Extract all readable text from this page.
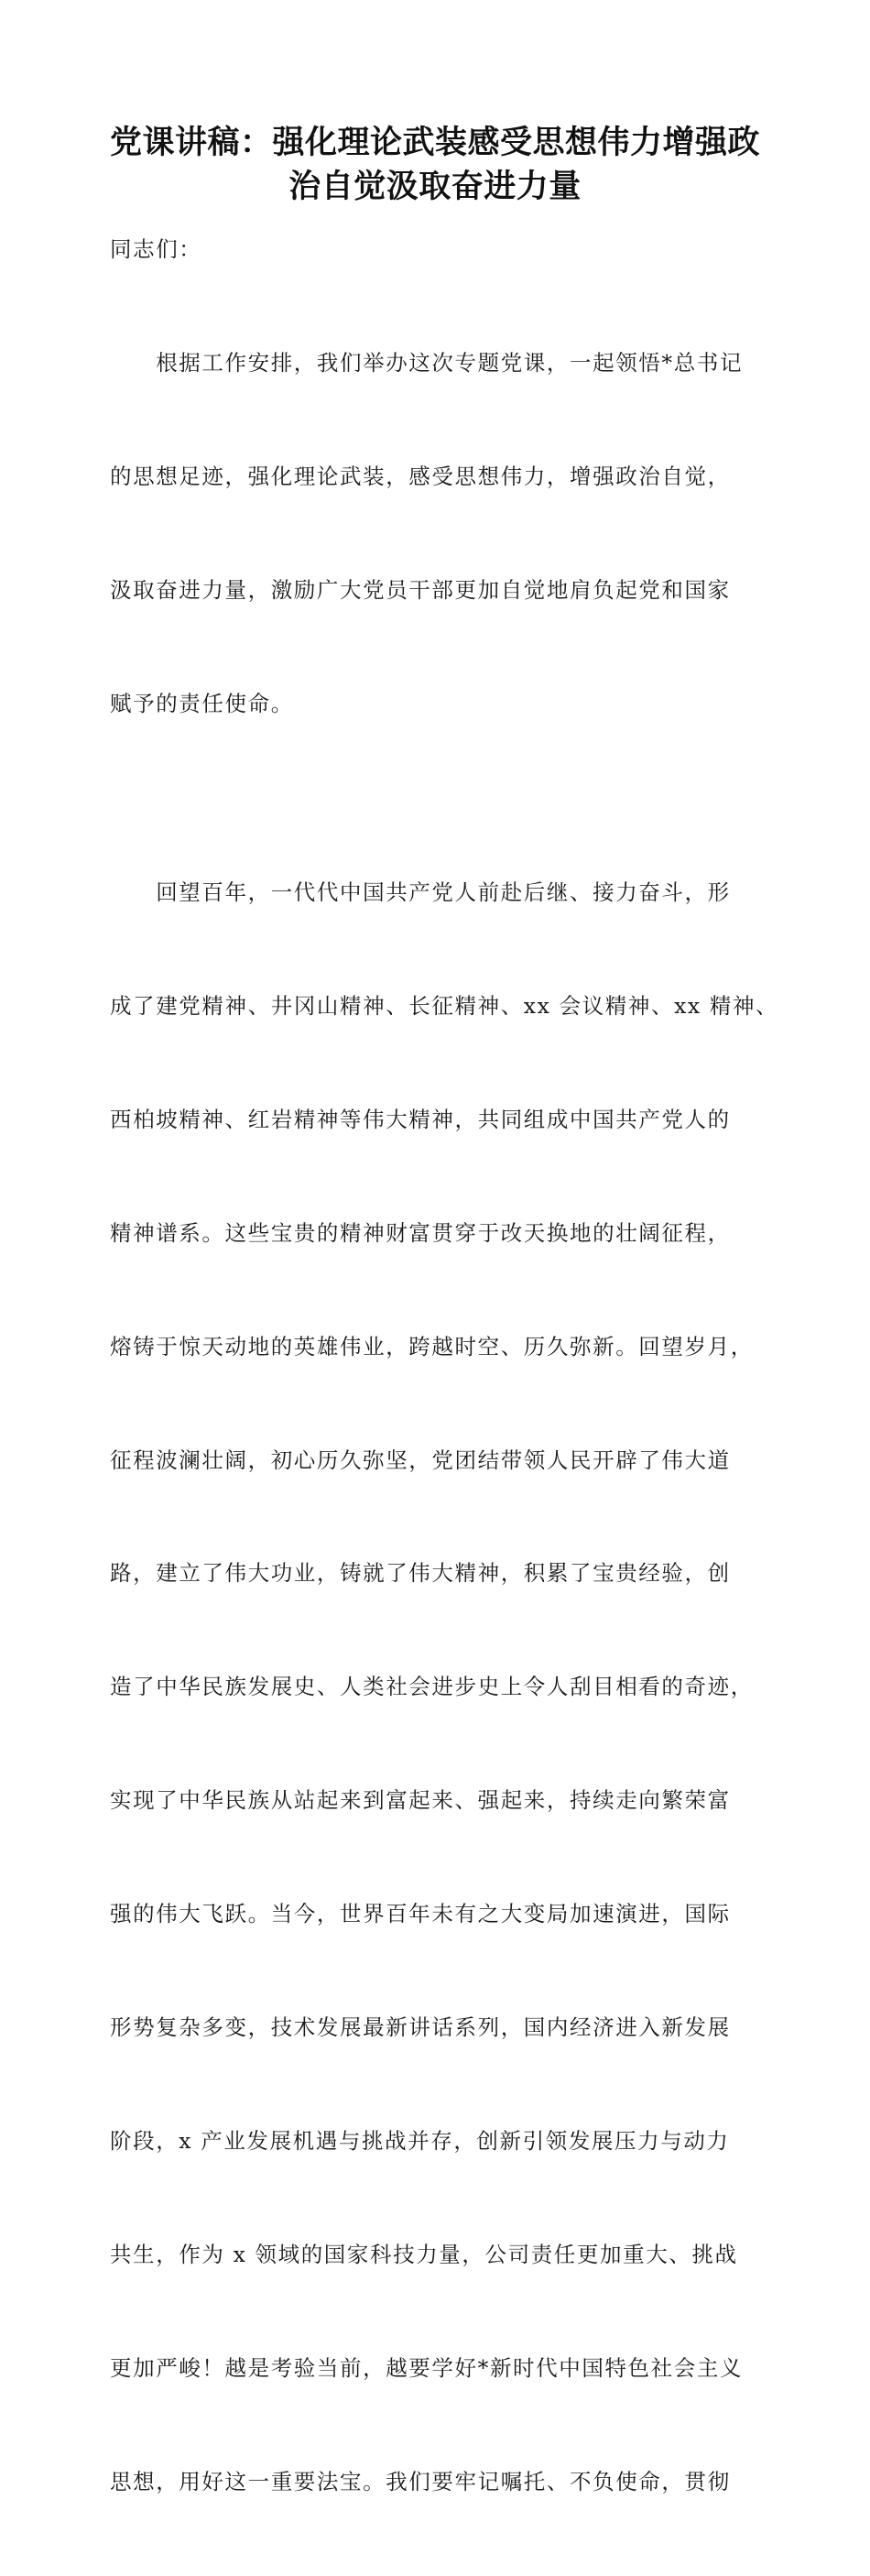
党课讲稿：强化理论武装感受思想伟力增强政
治自觉汲取奋进力量

同志们：

　　根据工作安排，我们举办这次专题党课，一起领悟*总书记

的思想足迹，强化理论武装，感受思想伟力，增强政治自觉，

汲取奋进力量，激励广大党员干部更加自觉地肩负起党和国家

赋予的责任使命。

　　回望百年，一代代中国共产党人前赴后继、接力奋斗，形

成了建党精神、井冈山精神、长征精神、xx 会议精神、xx 精神、

西柏坡精神、红岩精神等伟大精神，共同组成中国共产党人的

精神谱系。这些宝贵的精神财富贯穿于改天换地的壮阔征程，

熔铸于惊天动地的英雄伟业，跨越时空、历久弥新。回望岁月，

征程波澜壮阔，初心历久弥坚，党团结带领人民开辟了伟大道

路，建立了伟大功业，铸就了伟大精神，积累了宝贵经验，创

造了中华民族发展史、人类社会进步史上令人刮目相看的奇迹，

实现了中华民族从站起来到富起来、强起来，持续走向繁荣富

强的伟大飞跃。当今，世界百年未有之大变局加速演进，国际

形势复杂多变，技术发展最新讲话系列，国内经济进入新发展

阶段，x 产业发展机遇与挑战并存，创新引领发展压力与动力

共生，作为 x 领域的国家科技力量，公司责任更加重大、挑战

更加严峻！越是考验当前，越要学好*新时代中国特色社会主义

思想，用好这一重要法宝。我们要牢记嘱托、不负使命，贯彻
